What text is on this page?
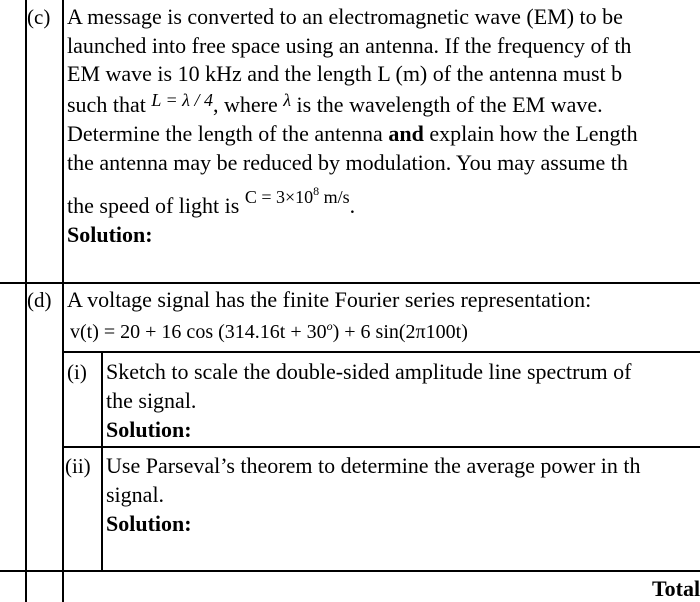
(c) A message is converted to an electromagnetic wave (EM) to be
launched into free space using an antenna. If the frequency of th
EM wave is 10 kHz and the length L (m) of the antenna must b
such that $^{L = \lambda / 4}$, where $^\lambda$ is the wavelength of the EM wave.
Determine the length of the antenna and explain how the Length
the antenna may be reduced by modulation. You may assume th
the speed of light is $^{C = 3\times 10^8 m/s}$.
Solution:
(d) A voltage signal has the finite Fourier series representation:
v(t) = 20 + 16 $\cos (314.16t + 30^o) + 6$ sin(2π100t)
(i) Sketch to scale the double-sided amplitude line spectrum of
the signal.
Solution:
(ii) Use Parseval’s theorem to determine the average power in th
signal.
Solution:
Total
